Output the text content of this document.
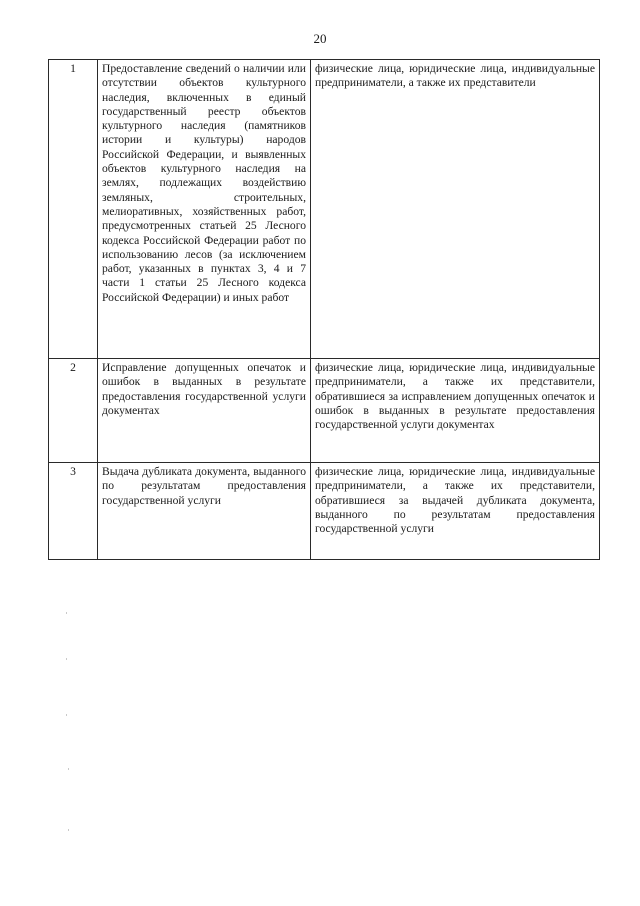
20
1	Предоставление сведений о наличии или отсутствии объектов культурного наследия, включенных в единый государственный реестр объектов культурного наследия (памятников истории и культуры) народов Российской Федерации, и выявленных объектов культурного наследия на землях, подлежащих воздействию земляных, строительных, мелиоративных, хозяйственных работ, предусмотренных статьей 25 Лесного кодекса Российской Федерации работ по использованию лесов (за исключением работ, указанных в пунктах 3, 4 и 7 части 1 статьи 25 Лесного кодекса Российской Федерации) и иных работ	физические лица, юридические лица, индивидуальные предприниматели, а также их представители
2	Исправление допущенных опечаток и ошибок в выданных в результате предоставления государственной услуги документах	физические лица, юридические лица, индивидуальные предприниматели, а также их представители, обратившиеся за исправлением допущенных опечаток и ошибок в выданных в результате предоставления государственной услуги документах
3	Выдача дубликата документа, выданного по результатам предоставления государственной услуги	физические лица, юридические лица, индивидуальные предприниматели, а также их представители, обратившиеся за выдачей дубликата документа, выданного по результатам предоставления государственной услуги
